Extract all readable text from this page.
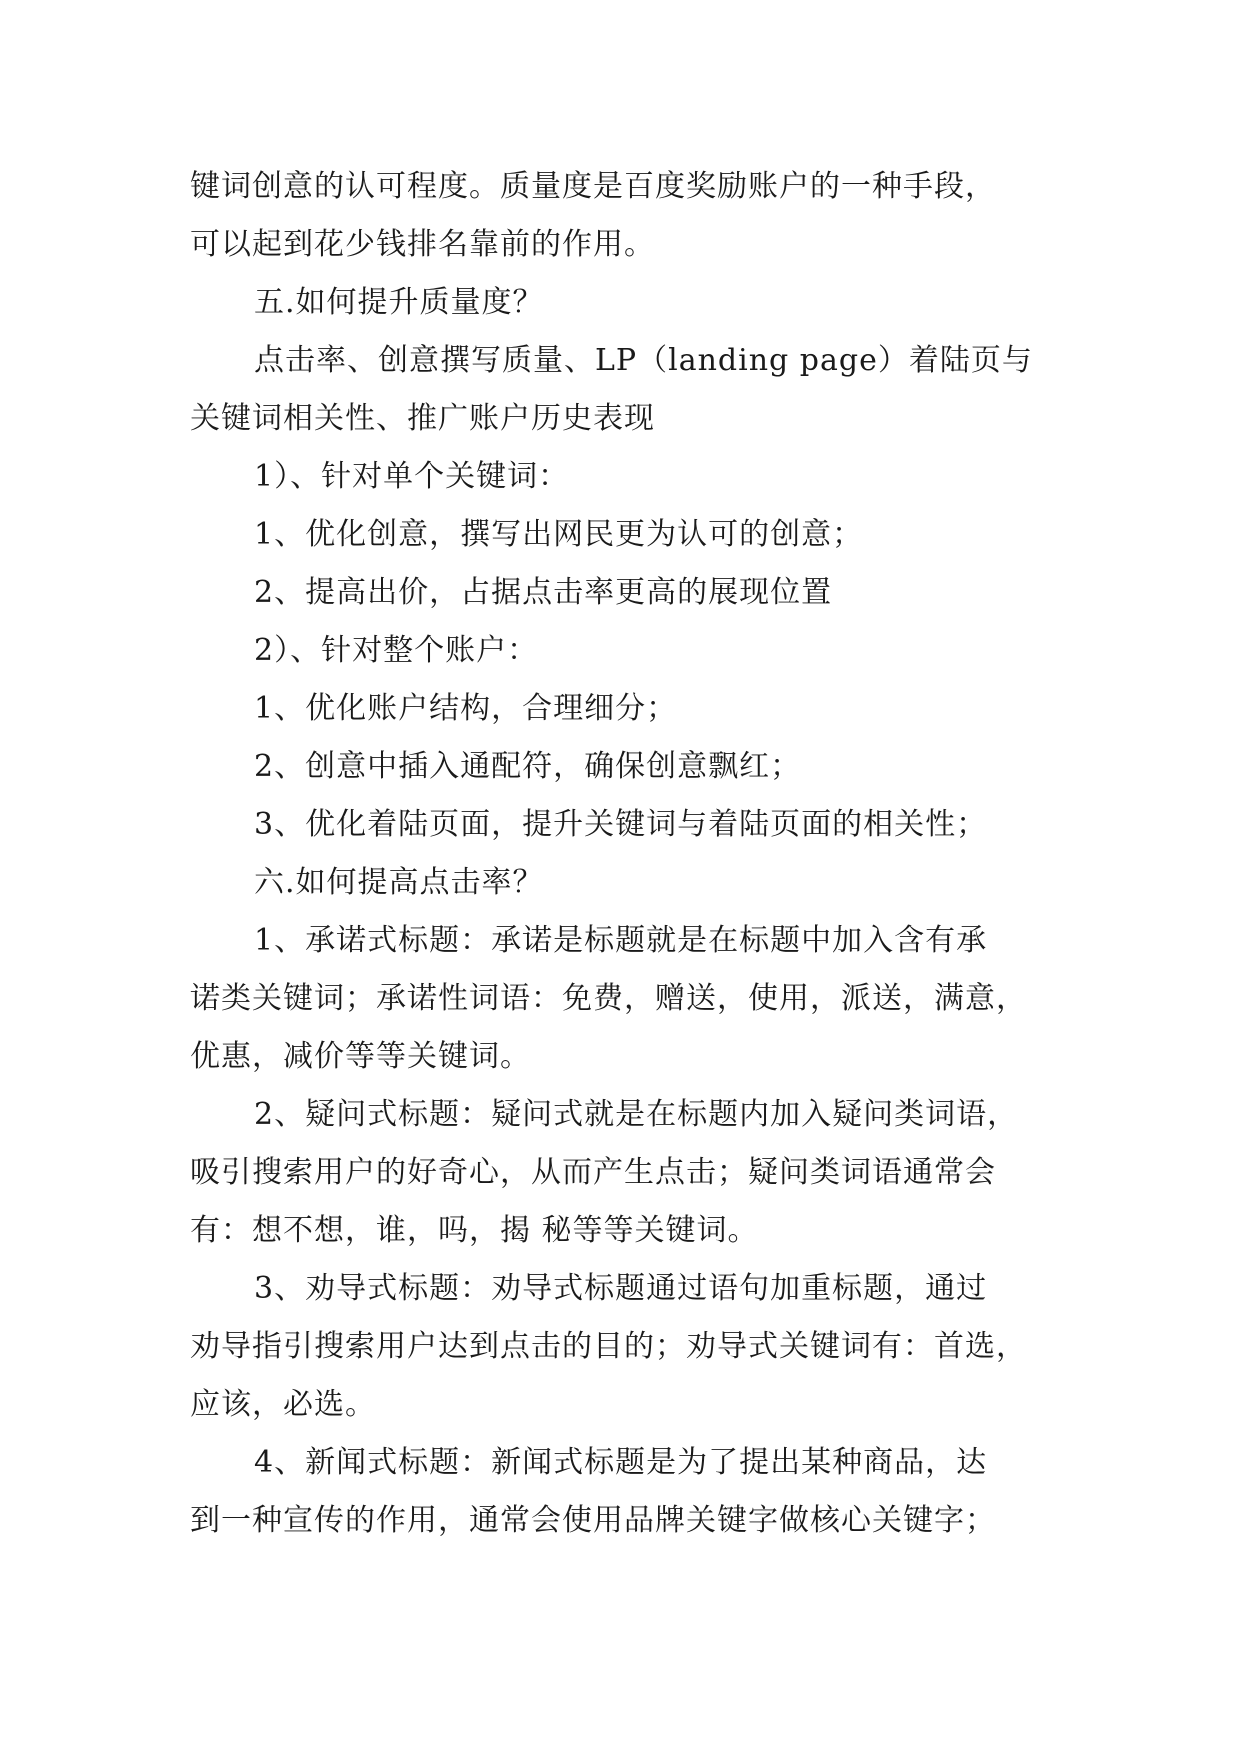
键词创意的认可程度。质量度是百度奖励账户的一种手段，
可以起到花少钱排名靠前的作用。
五.如何提升质量度？
点击率、创意撰写质量、LP（landing page）着陆页与
关键词相关性、推广账户历史表现
1）、针对单个关键词：
1、优化创意，撰写出网民更为认可的创意；
2、提高出价，占据点击率更高的展现位置
2）、针对整个账户：
1、优化账户结构，合理细分；
2、创意中插入通配符，确保创意飘红；
3、优化着陆页面，提升关键词与着陆页面的相关性；
六.如何提高点击率？
1、承诺式标题：承诺是标题就是在标题中加入含有承
诺类关键词；承诺性词语：免费，赠送，使用，派送，满意，
优惠，减价等等关键词。
2、疑问式标题：疑问式就是在标题内加入疑问类词语，
吸引搜索用户的好奇心，从而产生点击；疑问类词语通常会
有：想不想，谁，吗，揭 秘等等关键词。
3、劝导式标题：劝导式标题通过语句加重标题，通过
劝导指引搜索用户达到点击的目的；劝导式关键词有：首选，
应该，必选。
4、新闻式标题：新闻式标题是为了提出某种商品，达
到一种宣传的作用，通常会使用品牌关键字做核心关键字；
